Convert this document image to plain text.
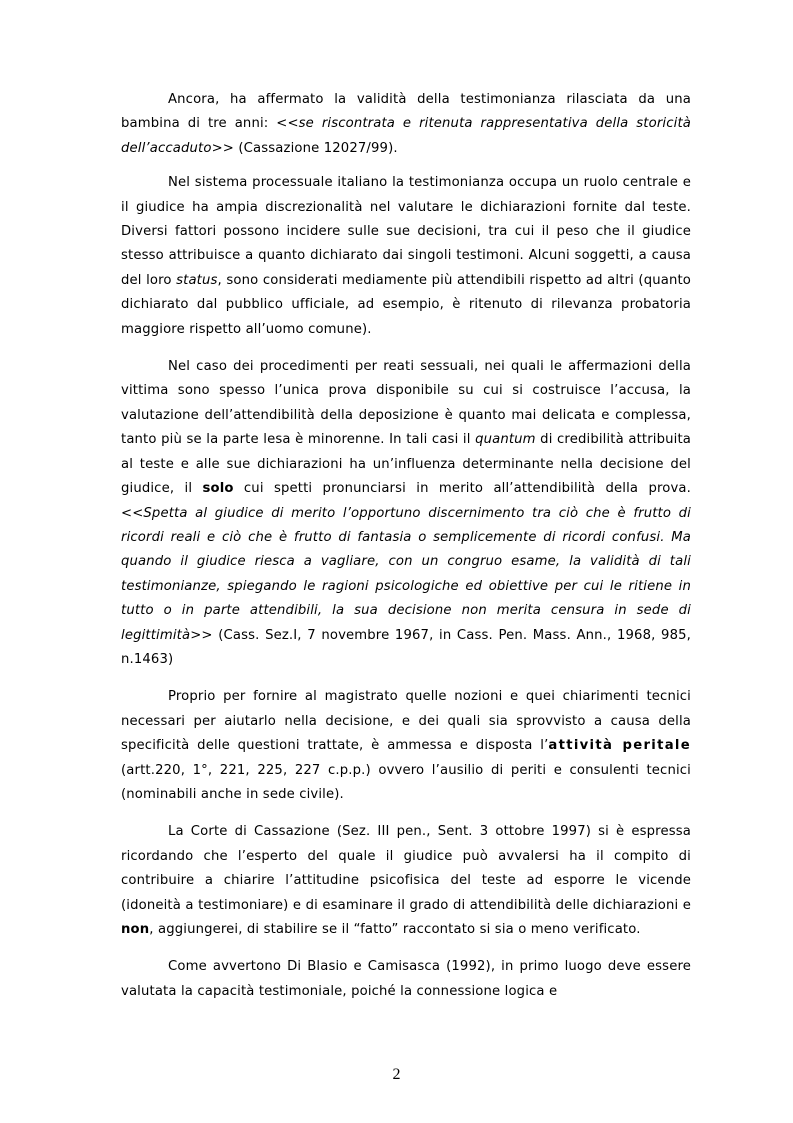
Ancora, ha affermato la validità della testimonianza rilasciata da una bambina di tre anni: <<se riscontrata e ritenuta rappresentativa della storicità dell’accaduto>> (Cassazione 12027/99).

Nel sistema processuale italiano la testimonianza occupa un ruolo centrale e il giudice ha ampia discrezionalità nel valutare le dichiarazioni fornite dal teste. Diversi fattori possono incidere sulle sue decisioni, tra cui il peso che il giudice stesso attribuisce a quanto dichiarato dai singoli testimoni. Alcuni soggetti, a causa del loro status, sono considerati mediamente più attendibili rispetto ad altri (quanto dichiarato dal pubblico ufficiale, ad esempio, è ritenuto di rilevanza probatoria maggiore rispetto all’uomo comune).

Nel caso dei procedimenti per reati sessuali, nei quali le affermazioni della vittima sono spesso l’unica prova disponibile su cui si costruisce l’accusa, la valutazione dell’attendibilità della deposizione è quanto mai delicata e complessa, tanto più se la parte lesa è minorenne. In tali casi il quantum di credibilità attribuita al teste e alle sue dichiarazioni ha un’influenza determinante nella decisione del giudice, il solo cui spetti pronunciarsi in merito all’attendibilità della prova. <<Spetta al giudice di merito l’opportuno discernimento tra ciò che è frutto di ricordi reali e ciò che è frutto di fantasia o semplicemente di ricordi confusi. Ma quando il giudice riesca a vagliare, con un congruo esame, la validità di tali testimonianze, spiegando le ragioni psicologiche ed obiettive per cui le ritiene in tutto o in parte attendibili, la sua decisione non merita censura in sede di legittimità>> (Cass. Sez.I, 7 novembre 1967, in Cass. Pen. Mass. Ann., 1968, 985, n.1463)

Proprio per fornire al magistrato quelle nozioni e quei chiarimenti tecnici necessari per aiutarlo nella decisione, e dei quali sia sprovvisto a causa della specificità delle questioni trattate, è ammessa e disposta l’attività peritale (artt.220, 1°, 221, 225, 227 c.p.p.) ovvero l’ausilio di periti e consulenti tecnici (nominabili anche in sede civile).

La Corte di Cassazione (Sez. III pen., Sent. 3 ottobre 1997) si è espressa ricordando che l’esperto del quale il giudice può avvalersi ha il compito di contribuire a chiarire l’attitudine psicofisica del teste ad esporre le vicende (idoneità a testimoniare) e di esaminare il grado di attendibilità delle dichiarazioni e non, aggiungerei, di stabilire se il “fatto” raccontato si sia o meno verificato.

Come avvertono Di Blasio e Camisasca (1992), in primo luogo deve essere valutata la capacità testimoniale, poiché la connessione logica e

2
